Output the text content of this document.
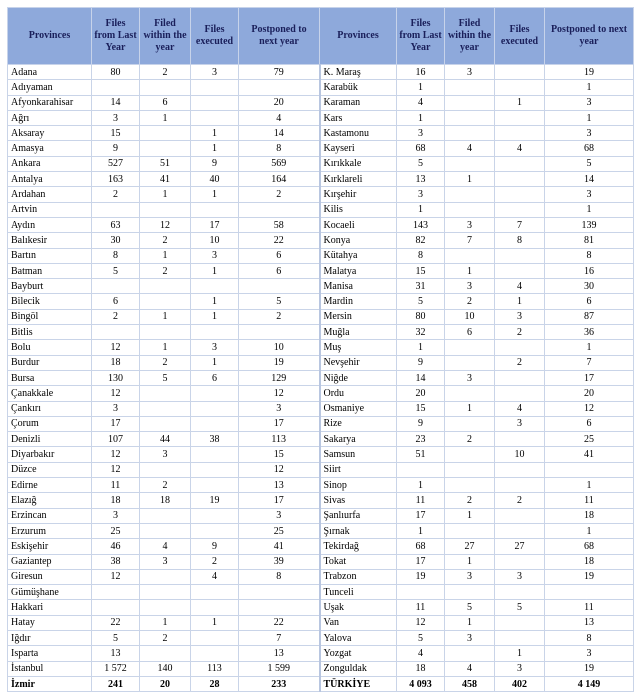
Provinces	Files from Last Year	Filed within the year	Files executed	Postponed to next year	Provinces	Files from Last Year	Filed within the year	Files executed	Postponed to next year
Adana	80	2	3	79	K. Maraş	16	3		19
Adıyaman					Karabük	1			1
Afyonkarahisar	14	6		20	Karaman	4		1	3
Ağrı	3	1		4	Kars	1			1
Aksaray	15		1	14	Kastamonu	3			3
Amasya	9		1	8	Kayseri	68	4	4	68
Ankara	527	51	9	569	Kırıkkale	5			5
Antalya	163	41	40	164	Kırklareli	13	1		14
Ardahan	2	1	1	2	Kırşehir	3			3
Artvin					Kilis	1			1
Aydın	63	12	17	58	Kocaeli	143	3	7	139
Balıkesir	30	2	10	22	Konya	82	7	8	81
Bartın	8	1	3	6	Kütahya	8			8
Batman	5	2	1	6	Malatya	15	1		16
Bayburt					Manisa	31	3	4	30
Bilecik	6		1	5	Mardin	5	2	1	6
Bingöl	2	1	1	2	Mersin	80	10	3	87
Bitlis					Muğla	32	6	2	36
Bolu	12	1	3	10	Muş	1			1
Burdur	18	2	1	19	Nevşehir	9		2	7
Bursa	130	5	6	129	Niğde	14	3		17
Çanakkale	12			12	Ordu	20			20
Çankırı	3			3	Osmaniye	15	1	4	12
Çorum	17			17	Rize	9		3	6
Denizli	107	44	38	113	Sakarya	23	2		25
Diyarbakır	12	3		15	Samsun	51		10	41
Düzce	12			12	Siirt				
Edirne	11	2		13	Sinop	1			1
Elazığ	18	18	19	17	Sivas	11	2	2	11
Erzincan	3			3	Şanlıurfa	17	1		18
Erzurum	25			25	Şırnak	1			1
Eskişehir	46	4	9	41	Tekirdağ	68	27	27	68
Gaziantep	38	3	2	39	Tokat	17	1		18
Giresun	12		4	8	Trabzon	19	3	3	19
Gümüşhane					Tunceli				
Hakkari					Uşak	11	5	5	11
Hatay	22	1	1	22	Van	12	1		13
Iğdır	5	2		7	Yalova	5	3		8
Isparta	13			13	Yozgat	4		1	3
İstanbul	1 572	140	113	1 599	Zonguldak	18	4	3	19
İzmir	241	20	28	233	TÜRKİYE	4 093	458	402	4 149
